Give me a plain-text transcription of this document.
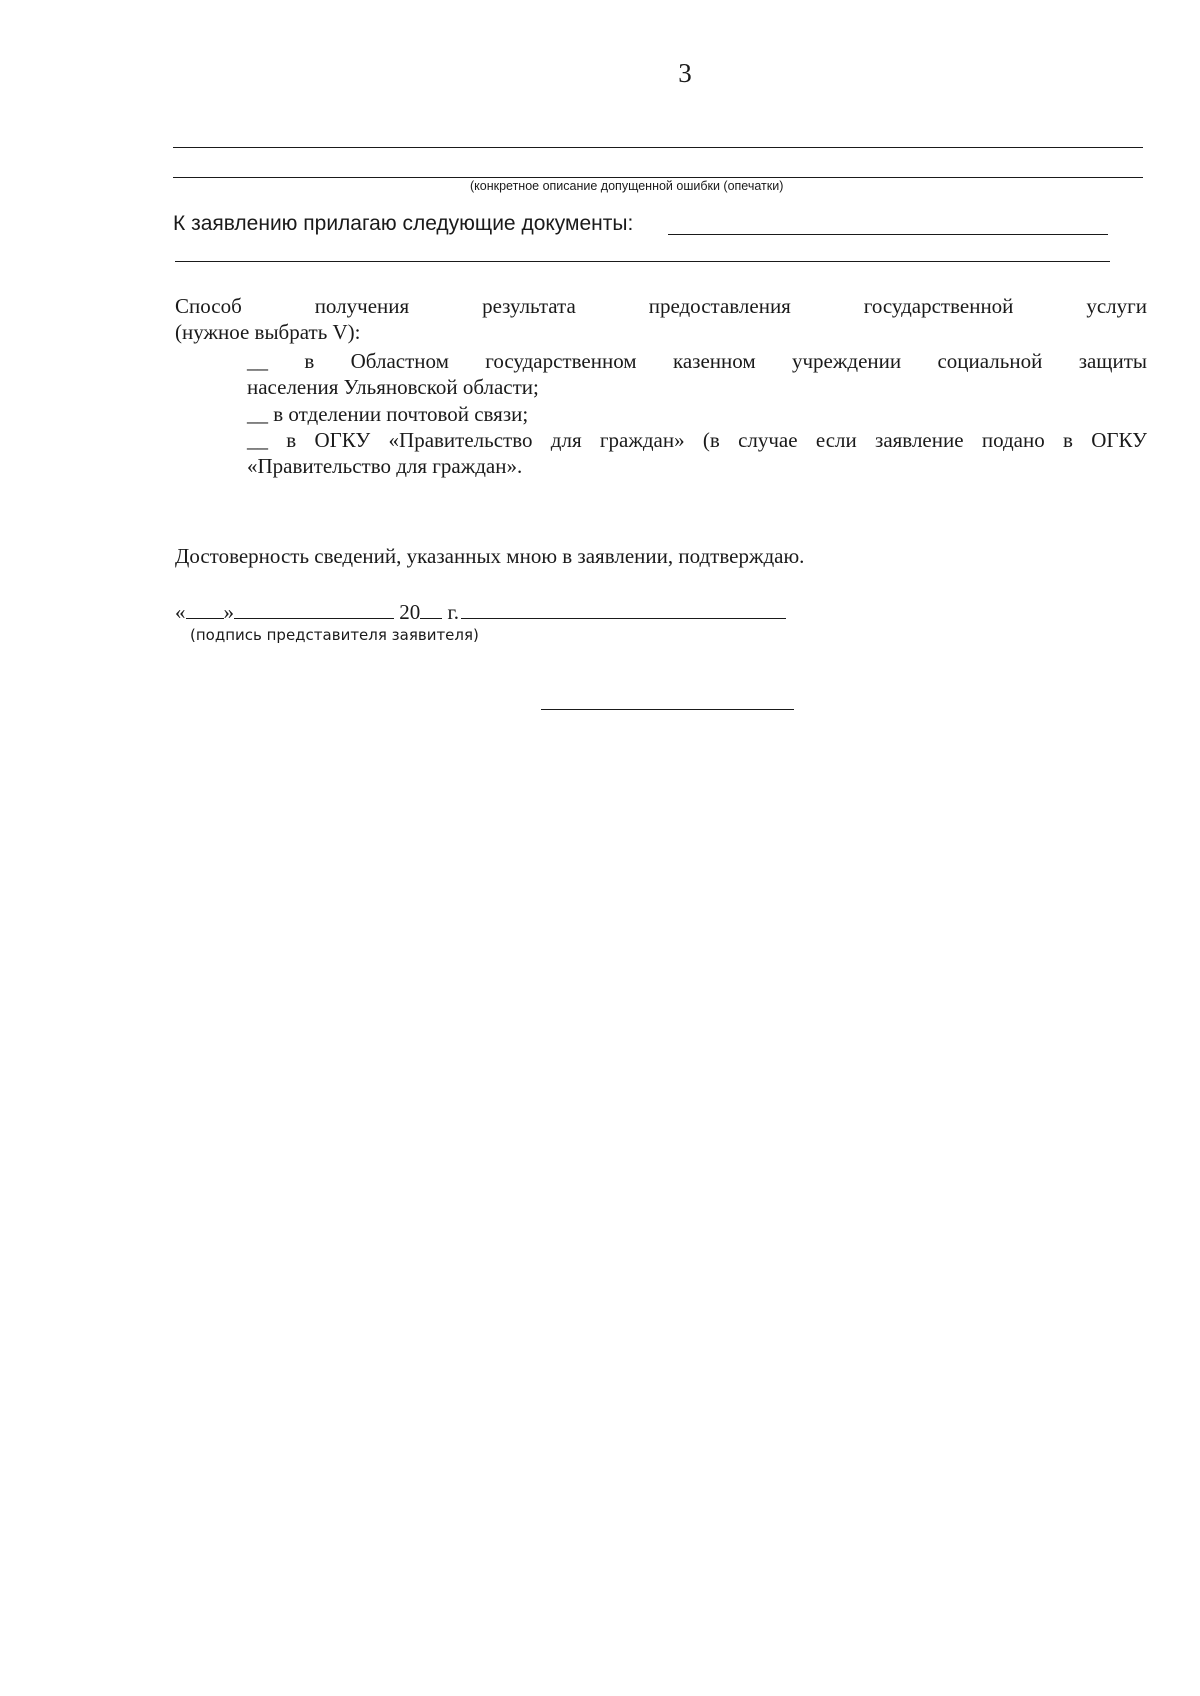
3
(конкретное описание допущенной ошибки (опечатки)
К заявлению прилагаю следующие документы:
Способ	получения	результата	предоставления	государственной	услуги
(нужное выбрать V):
__ в Областном государственном казенном учреждении социальной защиты
населения Ульяновской области;
__ в отделении почтовой связи;
__ в ОГКУ «Правительство для граждан» (в случае если заявление подано в ОГКУ
«Правительство для граждан».
Достоверность сведений, указанных мною в заявлении, подтверждаю.
« »	20 г.
(подпись представителя заявителя)
